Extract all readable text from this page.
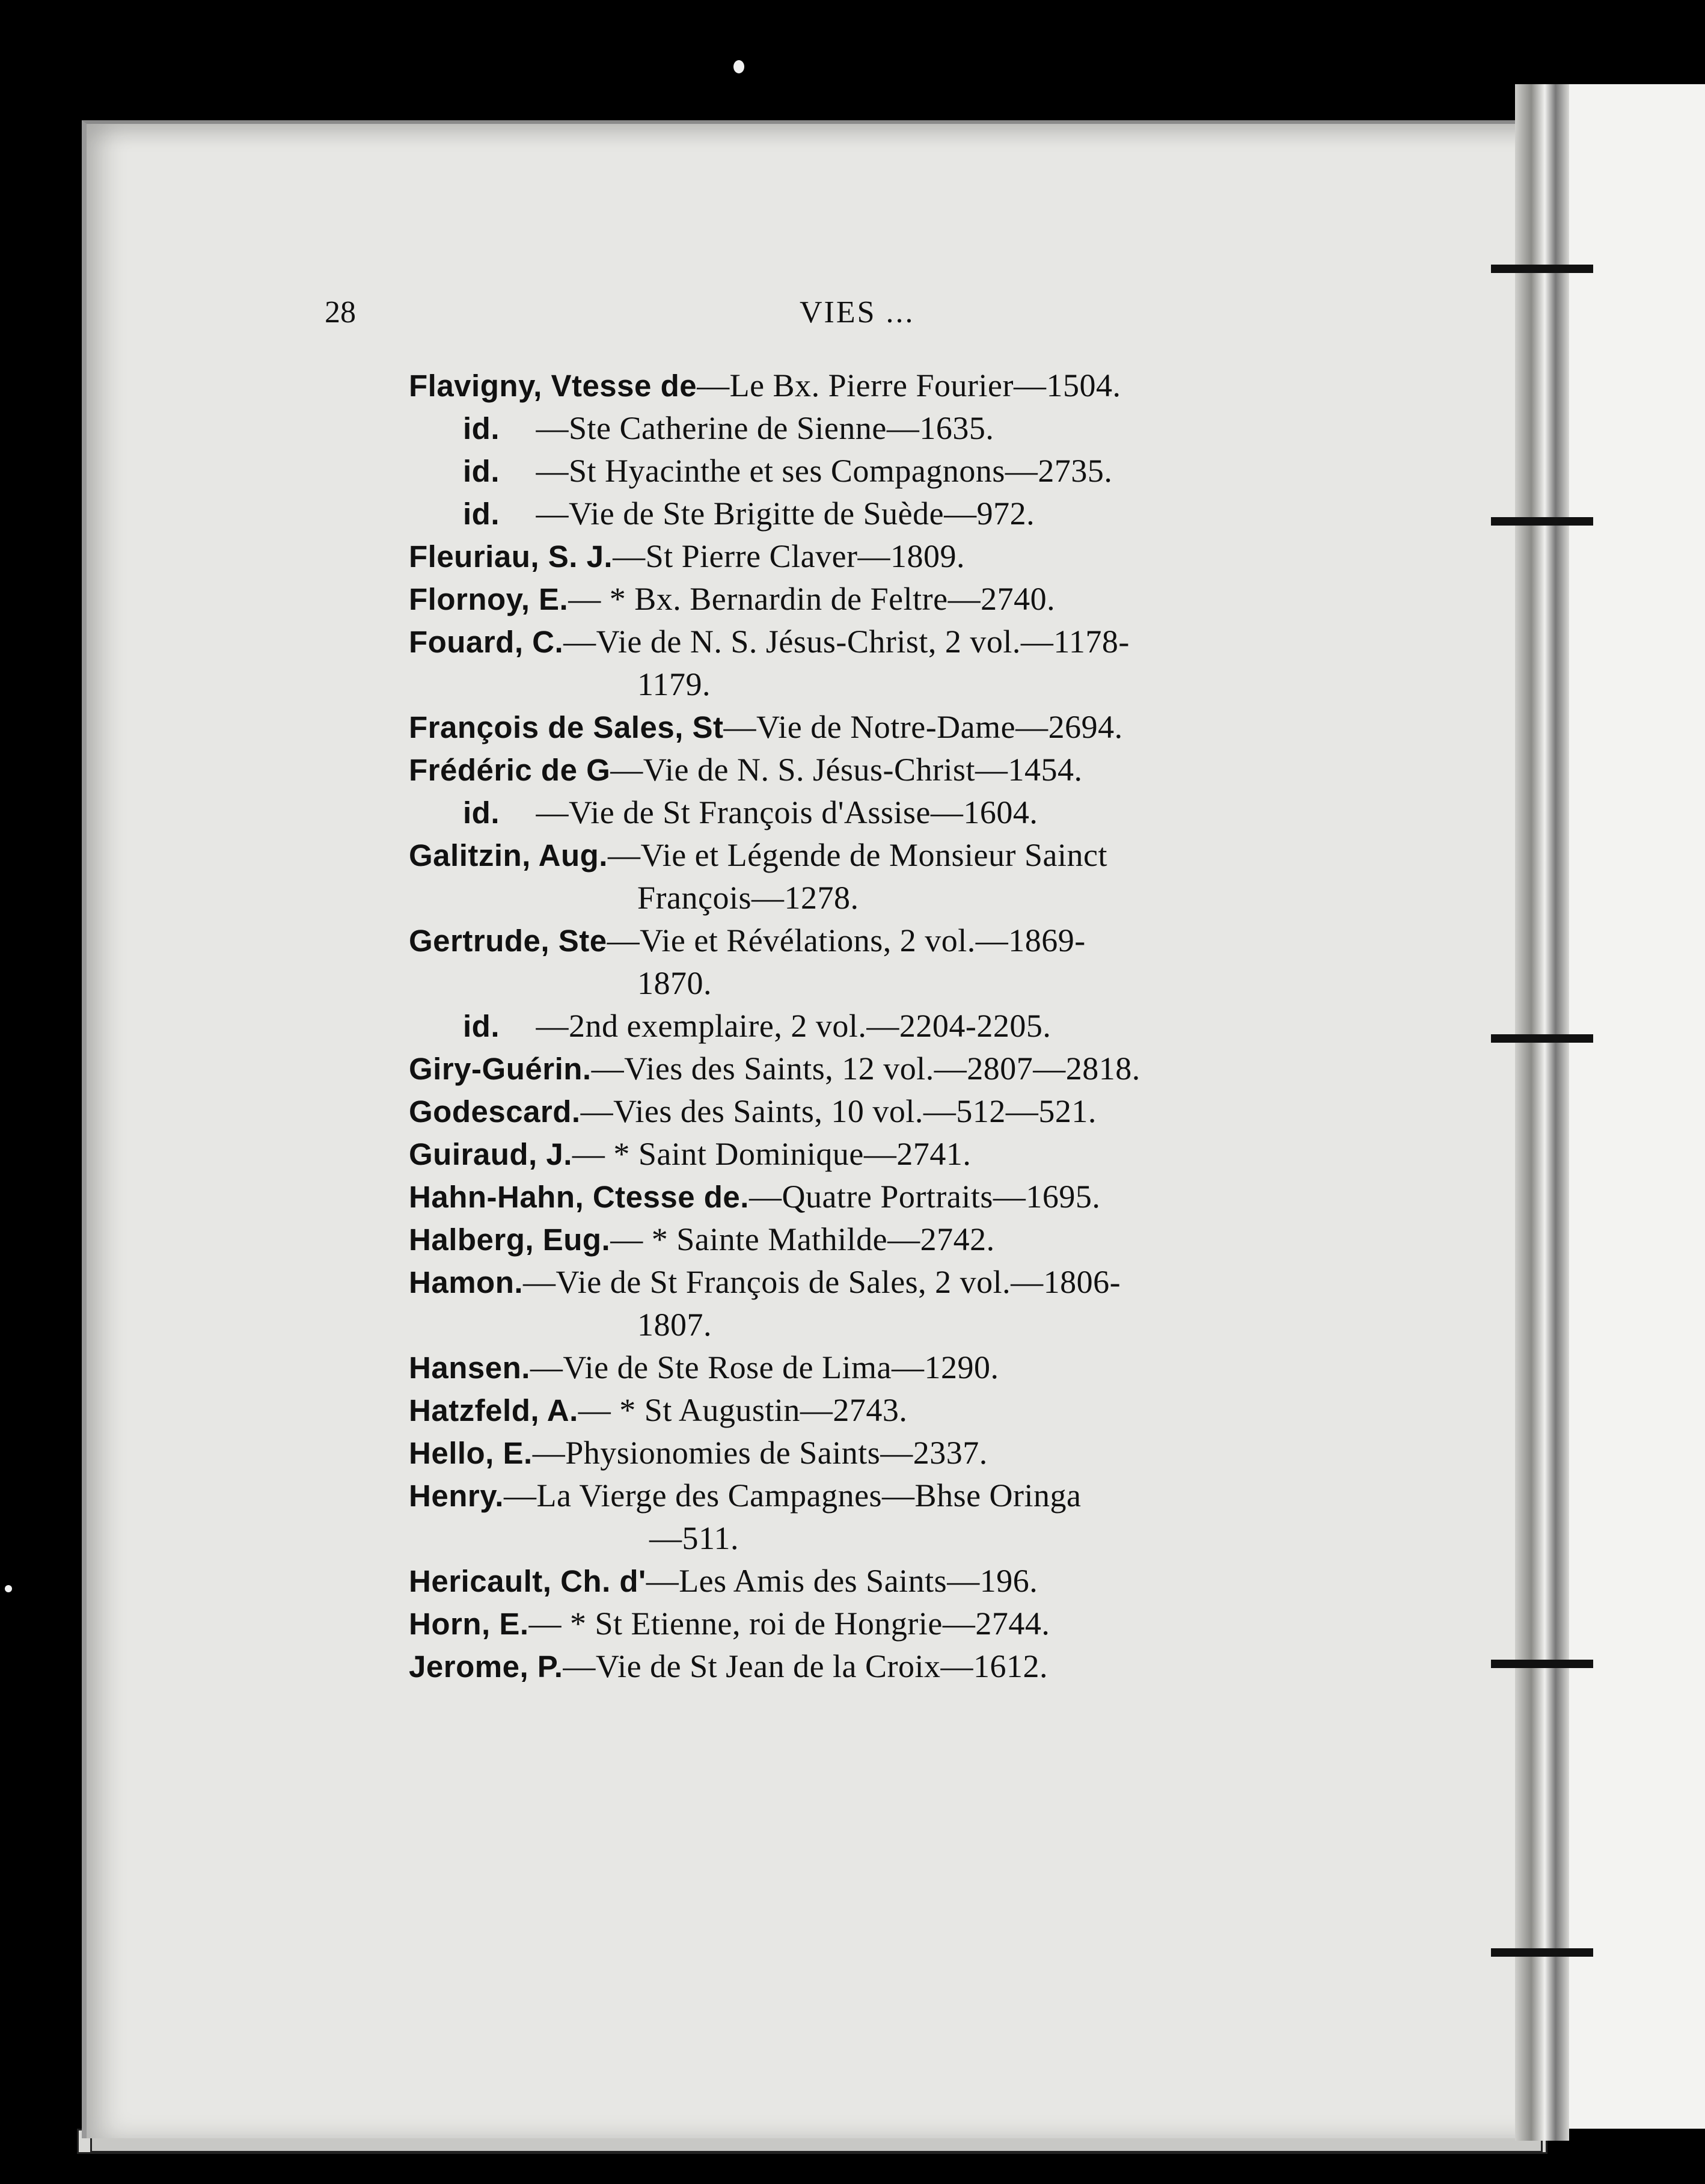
28	VIES ...
Flavigny, Vtesse de—Le Bx. Pierre Fourier—1504.
id.  —Ste Catherine de Sienne—1635.
id.  —St Hyacinthe et ses Compagnons—2735.
id.  —Vie de Ste Brigitte de Suède—972.
Fleuriau, S. J.—St Pierre Claver—1809.
Flornoy, E.— * Bx. Bernardin de Feltre—2740.
Fouard, C.—Vie de N. S. Jésus-Christ, 2 vol.—1178-
1179.
François de Sales, St—Vie de Notre-Dame—2694.
Frédéric de G—Vie de N. S. Jésus-Christ—1454.
id.  —Vie de St François d'Assise—1604.
Galitzin, Aug.—Vie et Légende de Monsieur Sainct
François—1278.
Gertrude, Ste—Vie et Révélations, 2 vol.—1869-
1870.
id.  —2nd exemplaire, 2 vol.—2204-2205.
Giry-Guérin.—Vies des Saints, 12 vol.—2807—2818.
Godescard.—Vies des Saints, 10 vol.—512—521.
Guiraud, J.— * Saint Dominique—2741.
Hahn-Hahn, Ctesse de.—Quatre Portraits—1695.
Halberg, Eug.— * Sainte Mathilde—2742.
Hamon.—Vie de St François de Sales, 2 vol.—1806-
1807.
Hansen.—Vie de Ste Rose de Lima—1290.
Hatzfeld, A.— * St Augustin—2743.
Hello, E.—Physionomies de Saints—2337.
Henry.—La Vierge des Campagnes—Bhse Oringa
—511.
Hericault, Ch. d'—Les Amis des Saints—196.
Horn, E.— * St Etienne, roi de Hongrie—2744.
Jerome, P.—Vie de St Jean de la Croix—1612.
